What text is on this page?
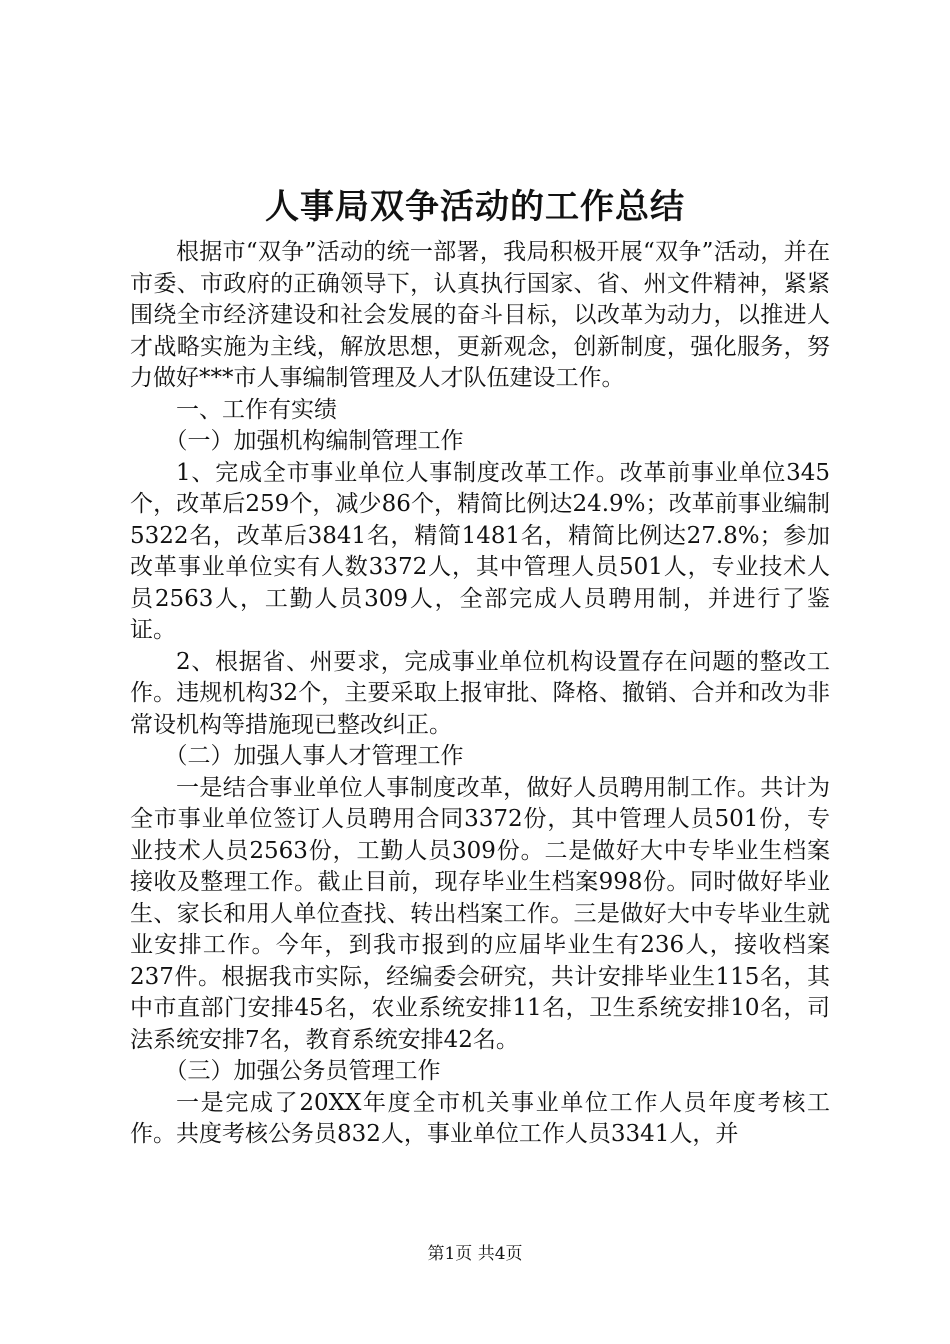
人事局双争活动的工作总结

根据市“双争”活动的统一部署，我局积极开展“双争”活动，并在市委、市政府的正确领导下，认真执行国家、省、州文件精神，紧紧围绕全市经济建设和社会发展的奋斗目标，以改革为动力，以推进人才战略实施为主线，解放思想，更新观念，创新制度，强化服务，努力做好***市人事编制管理及人才队伍建设工作。

一、工作有实绩

（一）加强机构编制管理工作

1、完成全市事业单位人事制度改革工作。改革前事业单位345个，改革后259个，减少86个，精简比例达24.9%；改革前事业编制5322名，改革后3841名，精简1481名，精简比例达27.8%；参加改革事业单位实有人数3372人，其中管理人员501人，专业技术人员2563人，工勤人员309人，全部完成人员聘用制，并进行了鉴证。

2、根据省、州要求，完成事业单位机构设置存在问题的整改工作。违规机构32个，主要采取上报审批、降格、撤销、合并和改为非常设机构等措施现已整改纠正。

（二）加强人事人才管理工作

一是结合事业单位人事制度改革，做好人员聘用制工作。共计为全市事业单位签订人员聘用合同3372份，其中管理人员501份，专业技术人员2563份，工勤人员309份。二是做好大中专毕业生档案接收及整理工作。截止目前，现存毕业生档案998份。同时做好毕业生、家长和用人单位查找、转出档案工作。三是做好大中专毕业生就业安排工作。今年，到我市报到的应届毕业生有236人，接收档案237件。根据我市实际，经编委会研究，共计安排毕业生115名，其中市直部门安排45名，农业系统安排11名，卫生系统安排10名，司法系统安排7名，教育系统安排42名。

（三）加强公务员管理工作

一是完成了20XX年度全市机关事业单位工作人员年度考核工作。共度考核公务员832人，事业单位工作人员3341人，并

第1页 共4页
